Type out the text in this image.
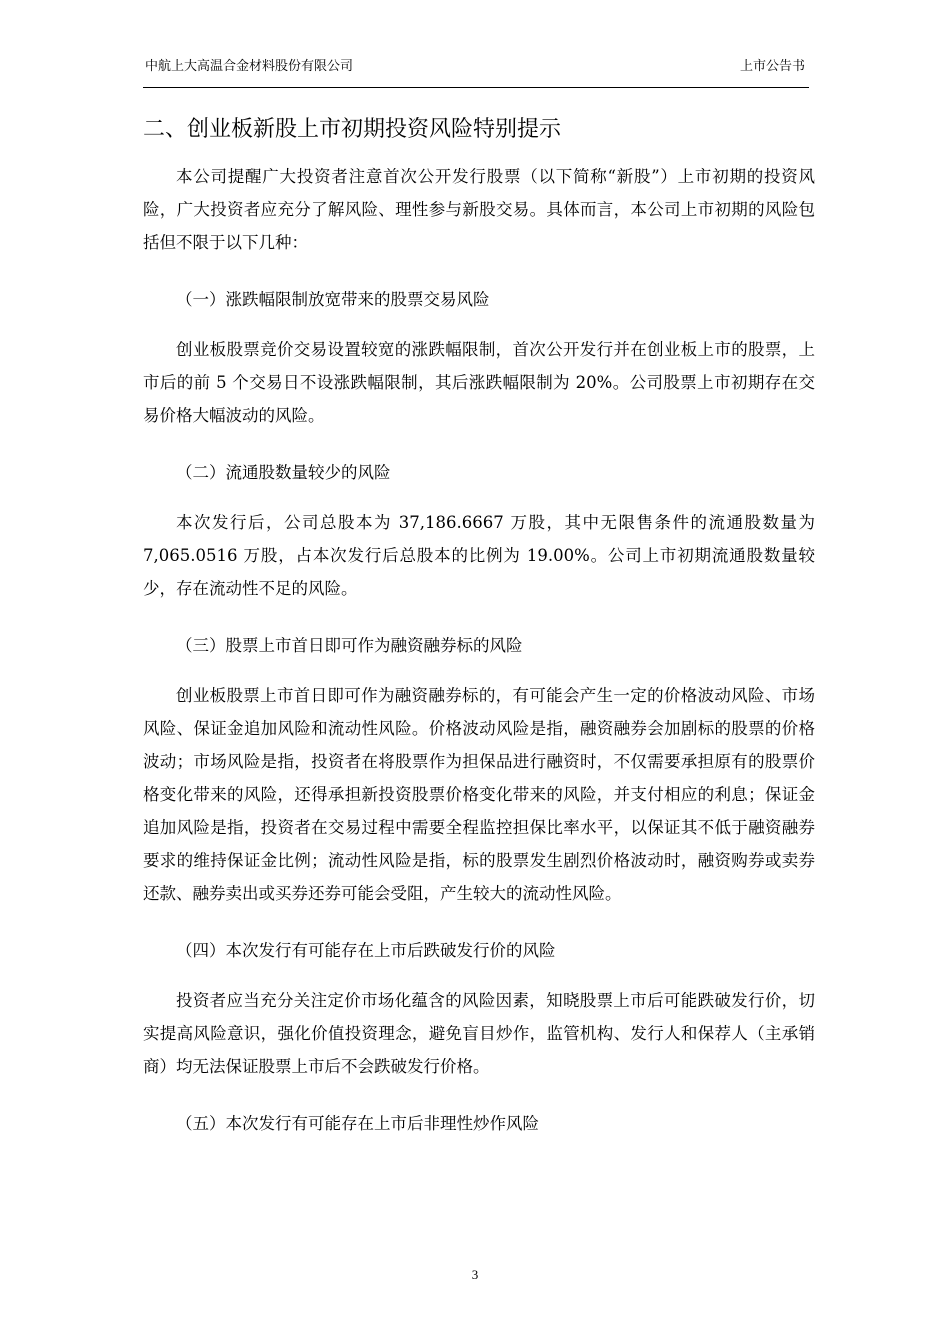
中航上大高温合金材料股份有限公司	上市公告书
二、创业板新股上市初期投资风险特别提示

本公司提醒广大投资者注意首次公开发行股票（以下简称“新股”）上市初期的投资风险，广大投资者应充分了解风险、理性参与新股交易。具体而言，本公司上市初期的风险包括但不限于以下几种：

（一）涨跌幅限制放宽带来的股票交易风险

创业板股票竞价交易设置较宽的涨跌幅限制，首次公开发行并在创业板上市的股票，上市后的前 5 个交易日不设涨跌幅限制，其后涨跌幅限制为 20%。公司股票上市初期存在交易价格大幅波动的风险。

（二）流通股数量较少的风险

本次发行后，公司总股本为 37,186.6667 万股，其中无限售条件的流通股数量为 7,065.0516 万股，占本次发行后总股本的比例为 19.00%。公司上市初期流通股数量较少，存在流动性不足的风险。

（三）股票上市首日即可作为融资融券标的风险

创业板股票上市首日即可作为融资融券标的，有可能会产生一定的价格波动风险、市场风险、保证金追加风险和流动性风险。价格波动风险是指，融资融券会加剧标的股票的价格波动；市场风险是指，投资者在将股票作为担保品进行融资时，不仅需要承担原有的股票价格变化带来的风险，还得承担新投资股票价格变化带来的风险，并支付相应的利息；保证金追加风险是指，投资者在交易过程中需要全程监控担保比率水平，以保证其不低于融资融券要求的维持保证金比例；流动性风险是指，标的股票发生剧烈价格波动时，融资购券或卖券还款、融券卖出或买券还券可能会受阻，产生较大的流动性风险。

（四）本次发行有可能存在上市后跌破发行价的风险

投资者应当充分关注定价市场化蕴含的风险因素，知晓股票上市后可能跌破发行价，切实提高风险意识，强化价值投资理念，避免盲目炒作，监管机构、发行人和保荐人（主承销商）均无法保证股票上市后不会跌破发行价格。

（五）本次发行有可能存在上市后非理性炒作风险

3
